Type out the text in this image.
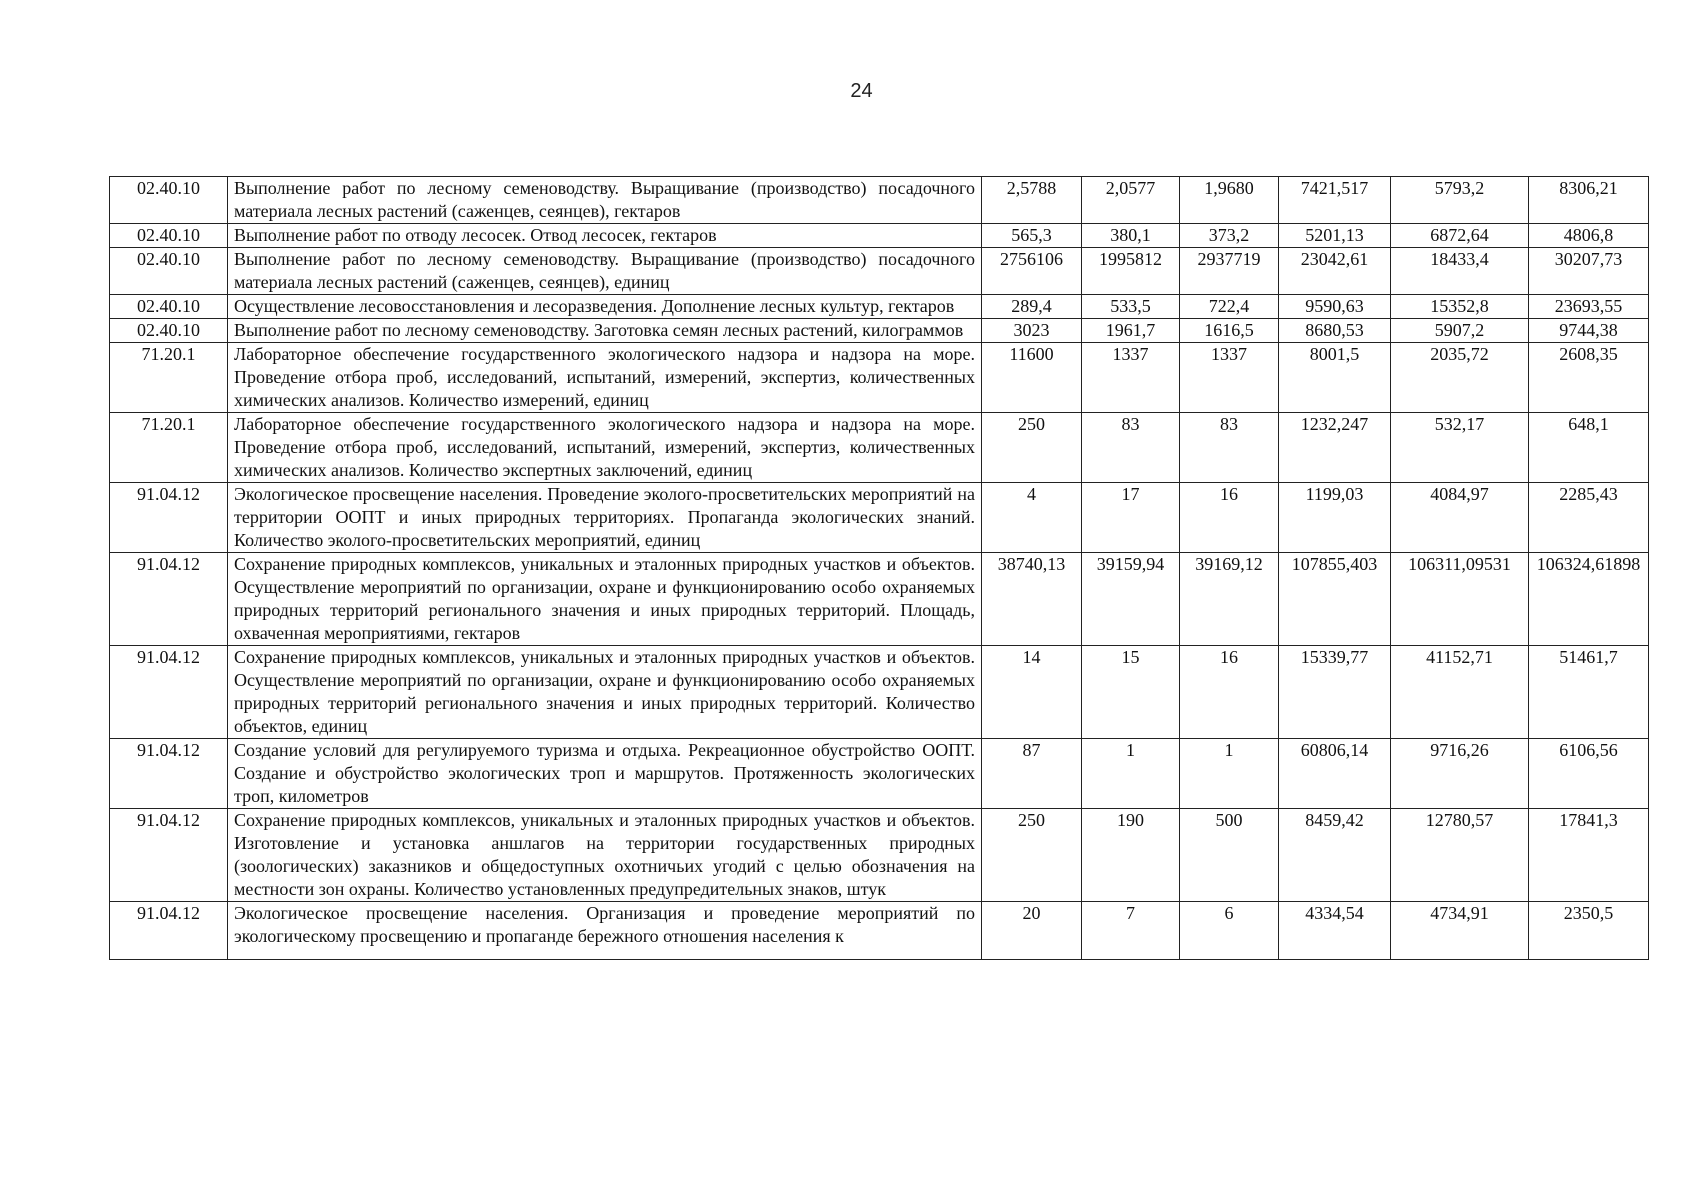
24
02.40.10	Выполнение работ по лесному семеноводству. Выращивание (производство) посадочного материала лесных растений (саженцев, сеянцев), гектаров	2,5788	2,0577	1,9680	7421,517	5793,2	8306,21
02.40.10	Выполнение работ по отводу лесосек. Отвод лесосек, гектаров	565,3	380,1	373,2	5201,13	6872,64	4806,8
02.40.10	Выполнение работ по лесному семеноводству. Выращивание (производство) посадочного материала лесных растений (саженцев, сеянцев), единиц	2756106	1995812	2937719	23042,61	18433,4	30207,73
02.40.10	Осуществление лесовосстановления и лесоразведения. Дополнение лесных культур, гектаров	289,4	533,5	722,4	9590,63	15352,8	23693,55
02.40.10	Выполнение работ по лесному семеноводству. Заготовка семян лесных растений, килограммов	3023	1961,7	1616,5	8680,53	5907,2	9744,38
71.20.1	Лабораторное обеспечение государственного экологического надзора и надзора на море. Проведение отбора проб, исследований, испытаний, измерений, экспертиз, количественных химических анализов. Количество измерений, единиц	11600	1337	1337	8001,5	2035,72	2608,35
71.20.1	Лабораторное обеспечение государственного экологического надзора и надзора на море. Проведение отбора проб, исследований, испытаний, измерений, экспертиз, количественных химических анализов. Количество экспертных заключений, единиц	250	83	83	1232,247	532,17	648,1
91.04.12	Экологическое просвещение населения. Проведение эколого-просветительских мероприятий на территории ООПТ и иных природных территориях. Пропаганда экологических знаний. Количество эколого-просветительских мероприятий, единиц	4	17	16	1199,03	4084,97	2285,43
91.04.12	Сохранение природных комплексов, уникальных и эталонных природных участков и объектов. Осуществление мероприятий по организации, охране и функционированию особо охраняемых природных территорий регионального значения и иных природных территорий. Площадь, охваченная мероприятиями, гектаров	38740,13	39159,94	39169,12	107855,403	106311,09531	106324,61898
91.04.12	Сохранение природных комплексов, уникальных и эталонных природных участков и объектов. Осуществление мероприятий по организации, охране и функционированию особо охраняемых природных территорий регионального значения и иных природных территорий. Количество объектов, единиц	14	15	16	15339,77	41152,71	51461,7
91.04.12	Создание условий для регулируемого туризма и отдыха. Рекреационное обустройство ООПТ. Создание и обустройство экологических троп и маршрутов. Протяженность экологических троп, километров	87	1	1	60806,14	9716,26	6106,56
91.04.12	Сохранение природных комплексов, уникальных и эталонных природных участков и объектов. Изготовление и установка аншлагов на территории государственных природных (зоологических) заказников и общедоступных охотничьих угодий с целью обозначения на местности зон охраны. Количество установленных предупредительных знаков, штук	250	190	500	8459,42	12780,57	17841,3
91.04.12	Экологическое просвещение населения. Организация и проведение мероприятий по экологическому просвещению и пропаганде бережного отношения населения к	20	7	6	4334,54	4734,91	2350,5
